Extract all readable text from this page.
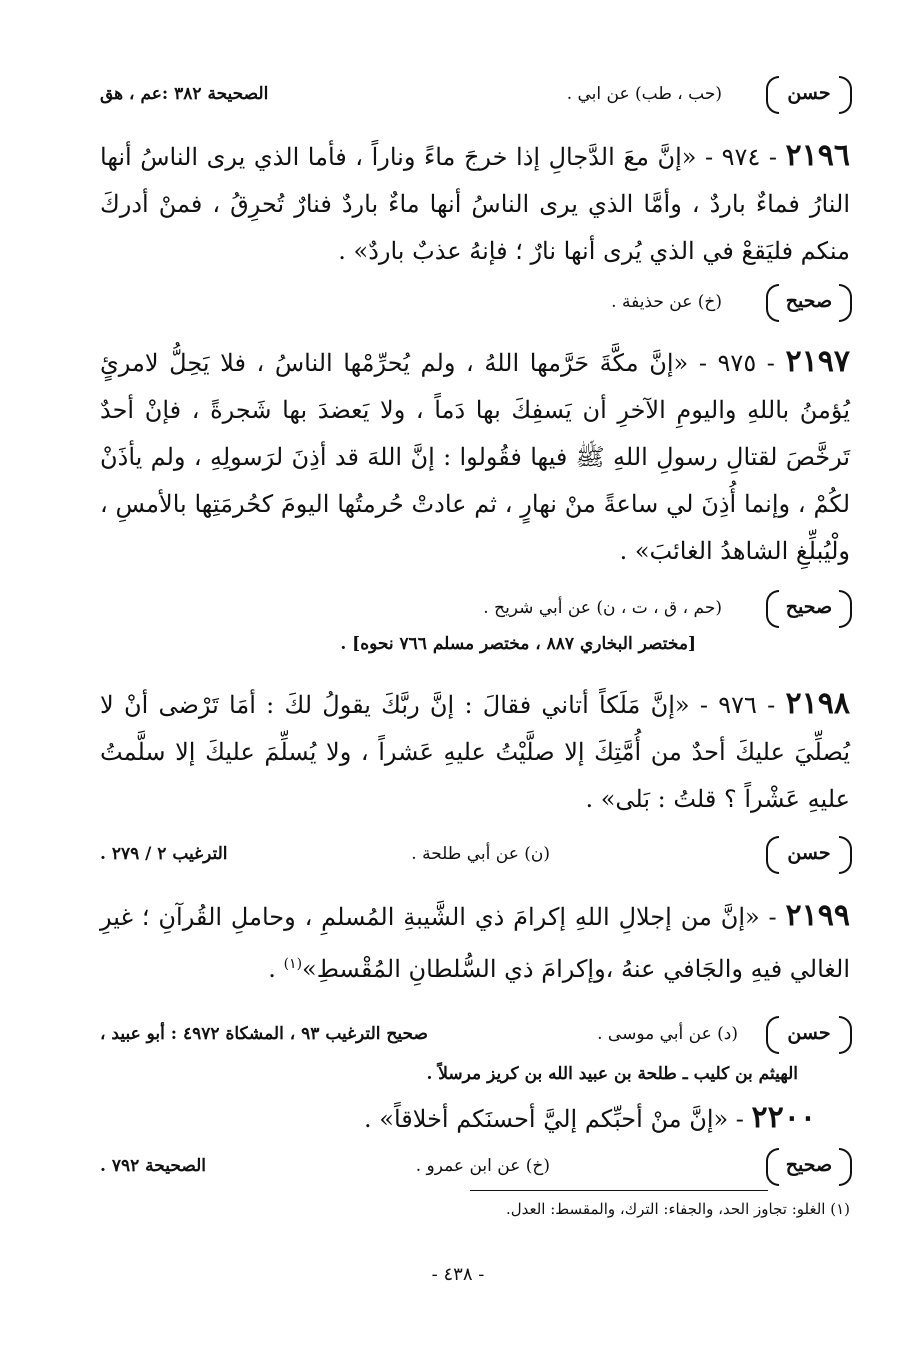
حسن
(حب ، طب) عن ابي .
الصحيحة ٣٨٢ :عم ، هق
٢١٩٦ - ٩٧٤ - «إنَّ معَ الدَّجالِ إذا خرجَ ماءً وناراً ، فأما الذي يرى الناسُ أنها النارُ فماءٌ باردٌ ، وأمَّا الذي يرى الناسُ أنها ماءٌ باردٌ فنارٌ تُحرِقُ ، فمنْ أدركَ منكم فليَقعْ في الذي يُرى أنها نارٌ ؛ فإنهُ عذبٌ باردٌ» .
صحيح
(خ) عن حذيفة .
٢١٩٧ - ٩٧٥ - «إنَّ مكَّةَ حَرَّمها اللهُ ، ولم يُحرِّمْها الناسُ ، فلا يَحِلُّ لامرئٍ يُؤمنُ باللهِ واليومِ الآخرِ أن يَسفِكَ بها دَماً ، ولا يَعضدَ بها شَجرةً ، فإنْ أحدٌ تَرخَّصَ لقتالِ رسولِ اللهِ ﷺ فيها فقُولوا : إنَّ اللهَ قد أذِنَ لرَسولِهِ ، ولم يأذَنْ لكُمْ ، وإنما أُذِنَ لي ساعةً منْ نهارٍ ، ثم عادتْ حُرمتُها اليومَ كحُرمَتِها بالأمسِ ، ولْيُبلِّغِ الشاهدُ الغائبَ» .
صحيح
(حم ، ق ، ت ، ن) عن أبي شريح .
[مختصر البخاري ٨٨٧ ، مختصر مسلم ٧٦٦ نحوه] .
٢١٩٨ - ٩٧٦ - «إنَّ مَلَكاً أتاني فقالَ : إنَّ ربَّكَ يقولُ لكَ : أمَا تَرْضى أنْ لا يُصلِّيَ عليكَ أحدٌ من أُمَّتِكَ إلا صلَّيْتُ عليهِ عَشراً ، ولا يُسلِّمَ عليكَ إلا سلَّمتُ عليهِ عَشْراً ؟ قلتُ : بَلى» .
حسن
(ن) عن أبي طلحة .
الترغيب ٢ / ٢٧٩ .
٢١٩٩ - «إنَّ من إجلالِ اللهِ إكرامَ ذي الشَّيبةِ المُسلمِ ، وحاملِ القُرآنِ ؛ غيرِ الغالي فيهِ والجَافي عنهُ ،وإكرامَ ذي السُّلطانِ المُقْسطِ»$^{(١)}$ .
حسن
(د) عن أبي موسى .
صحيح الترغيب ٩٣ ، المشكاة ٤٩٧٢ : أبو عبيد ،
الهيثم بن كليب ـ طلحة بن عبيد الله بن كريز مرسلاً .
٢٢٠٠ - «إنَّ منْ أحبِّكم إليَّ أحسنَكم أخلاقاً» .
صحيح
(خ) عن ابن عمرو .
الصحيحة ٧٩٢ .
(١) الغلو: تجاوز الحد، والجفاء: الترك، والمقسط: العدل.
- ٤٣٨ -
